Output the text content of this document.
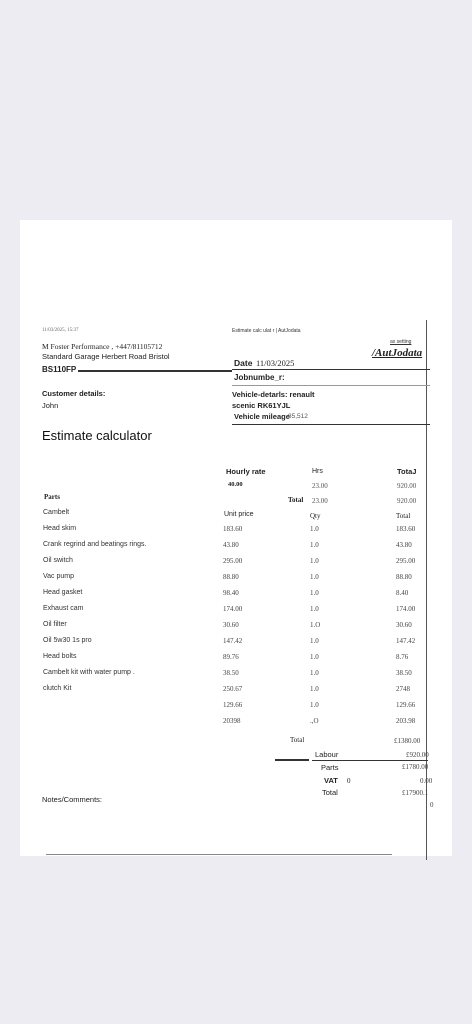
11/03/2025, 15:37	Estimate calc ulat r | AutJodata
M Foster Performance , +447/81105712
Standard Garage Herbert Road Bristol
BS110FP
ax setting
/AutJodata
Date 11/03/2025
Jobnumbe_r:
Customer details:
John
Vehicle-detarls: renault
scenic RK61YJL
Vehicle mileage
85,512
Estimate calculator
Hourly rate	Hrs	TotaJ
40.00	23.00	920.00
Total 23.00	920.00
Parts
Unit price	Qty	Total
Cambelt
Head skim	183.60	1.0	183.60
Crank regrind and beatings rings.	43.80	1.0	43.80
Oil switch	295.00	1.0	295.00
Vac pump	88.80	1.0	88.80
Head gasket	98.40	1.0	8.40
Exhaust cam	174.00	1.0	174.00
Oil filter	30.60	1.O	30.60
Oil 5w30 1s pro	147.42	1.0	147.42
Head bolts	89.76	1.0	8.76
Cambelt kit with water pump .	38.50	1.0	38.50
clutch Kit	250.67	1.0	2748
129.66	1.0	129.66
20398	.,O	203.98
Total	£1380.00
Labour	£920.00
Parts	£1780.00
VAT 0	0.00
Total	£17900.1
0
Notes/Comments:
